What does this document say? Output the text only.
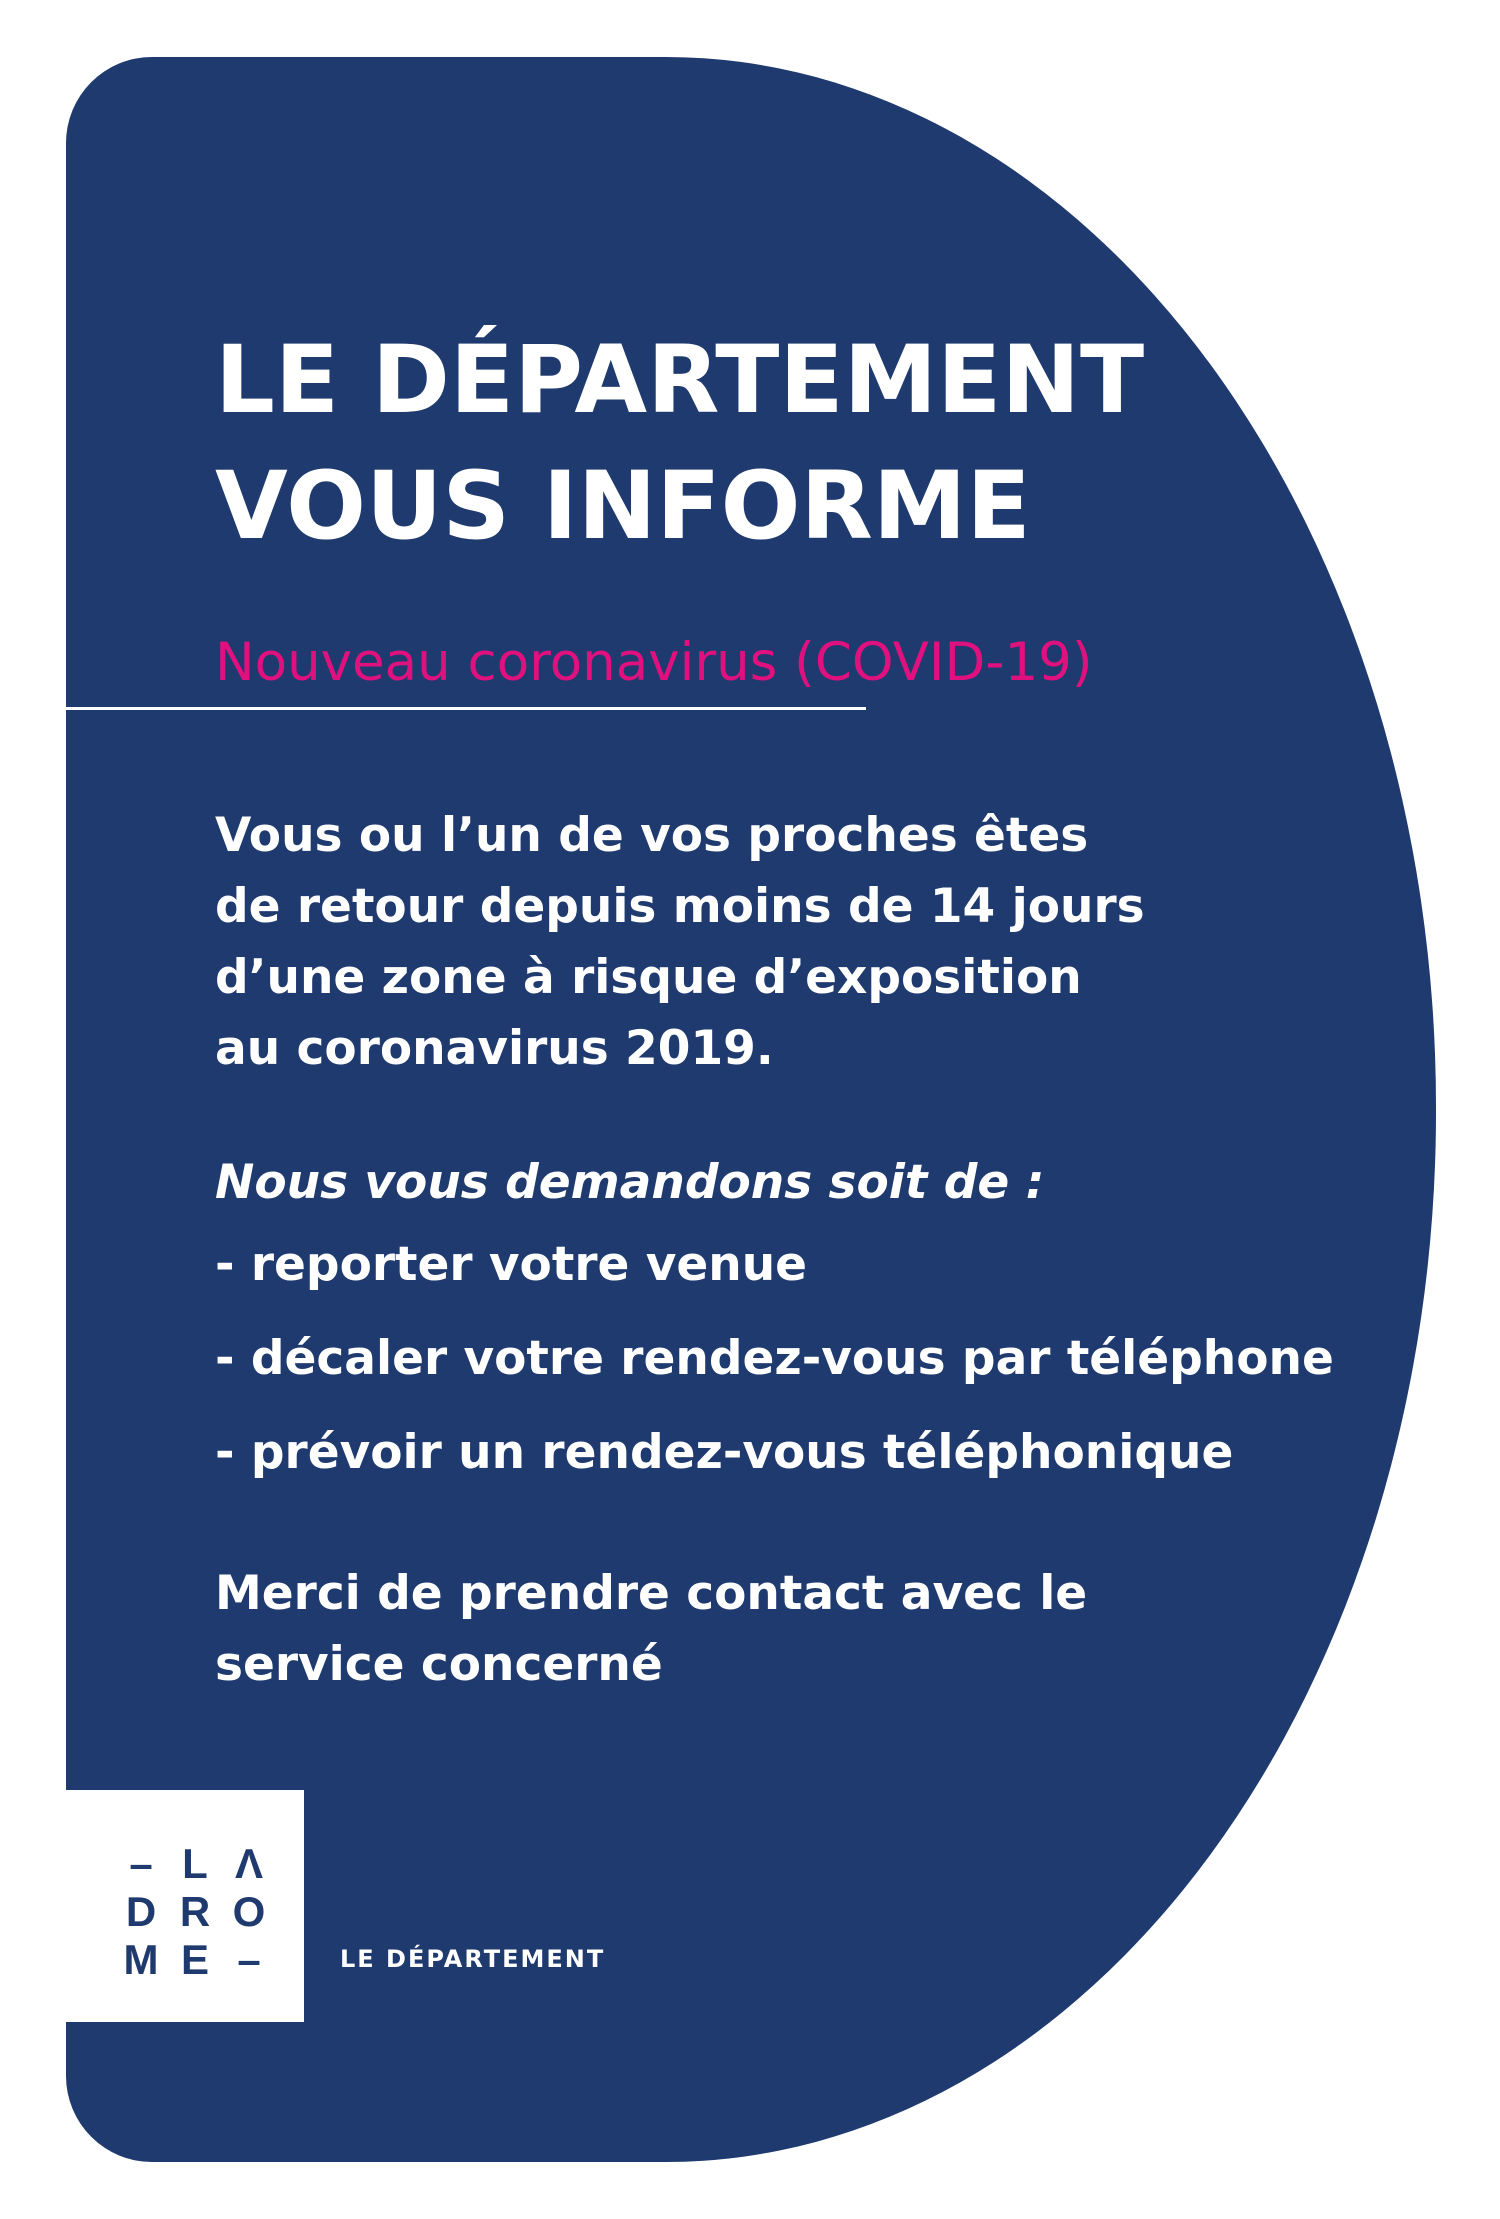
LE DÉPARTEMENT
VOUS INFORME
Nouveau coronavirus (COVID-19)
Vous ou l’un de vos proches êtes
de retour depuis moins de 14 jours
d’une zone à risque d’exposition
au coronavirus 2019.
Nous vous demandons soit de :
- reporter votre venue
- décaler votre rendez-vous par téléphone
- prévoir un rendez-vous téléphonique
Merci de prendre contact avec le
service concerné
– L Λ
D R O
M E –	LE DÉPARTEMENT
